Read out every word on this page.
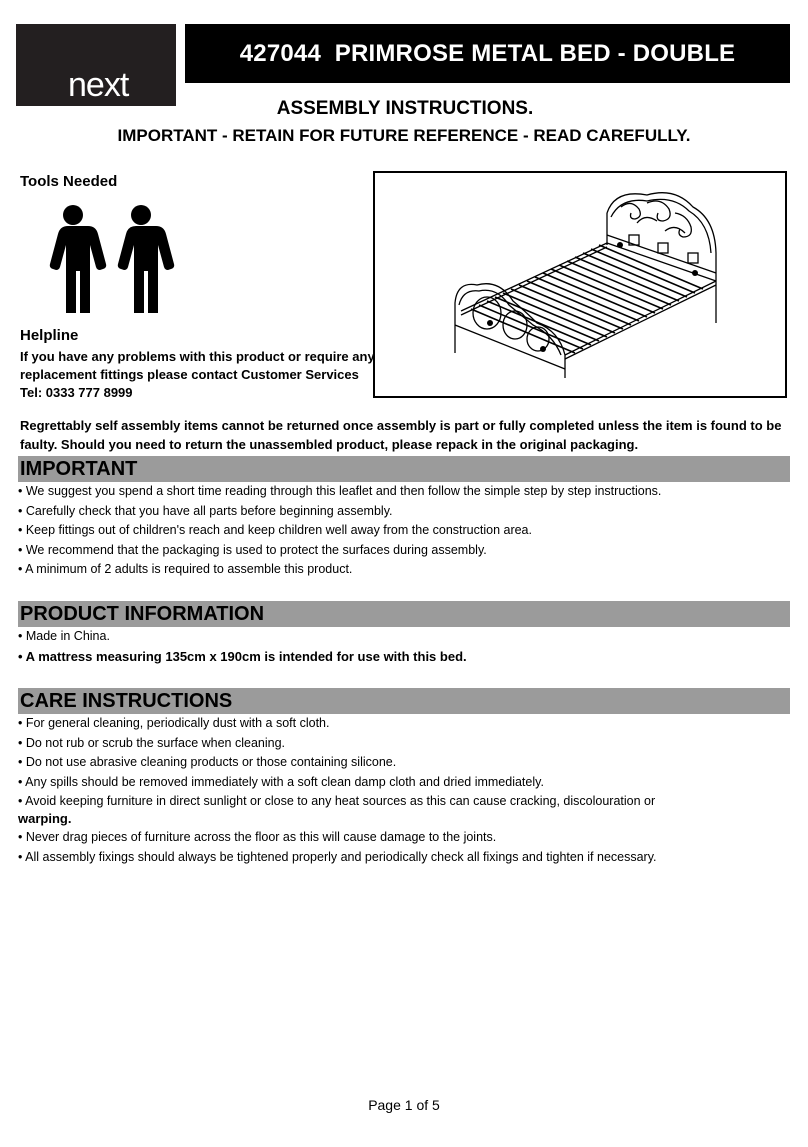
next
427044  PRIMROSE METAL BED - DOUBLE
ASSEMBLY INSTRUCTIONS.
IMPORTANT - RETAIN FOR FUTURE REFERENCE - READ CAREFULLY.
Tools Needed
Helpline
If you have any problems with this product or require any replacement fittings please contact Customer Services Tel: 0333 777 8999
Regrettably self assembly items cannot be returned once assembly is part or fully completed unless the item is found to be faulty. Should you need to return the unassembled product, please repack in the original packaging.
IMPORTANT
• We suggest you spend a short time reading through this leaflet and then follow the simple step by step instructions.
• Carefully check that you have all parts before beginning assembly.
• Keep fittings out of children's reach and keep children well away from the construction area.
• We recommend that the packaging is used to protect the surfaces during assembly.
• A minimum of 2 adults is required to assemble this product.
PRODUCT INFORMATION
• Made in China.
• A mattress measuring 135cm x 190cm is intended for use with this bed.
CARE INSTRUCTIONS
• For general cleaning, periodically dust with a soft cloth.
• Do not rub or scrub the surface when cleaning.
• Do not use abrasive cleaning products or those containing silicone.
• Any spills should be removed immediately with a soft clean damp cloth and dried immediately.
• Avoid keeping furniture in direct sunlight or close to any heat sources as this can cause cracking, discolouration or
warping.
• Never drag pieces of furniture across the floor as this will cause damage to the joints.
• All assembly fixings should always be tightened properly and periodically check all fixings and tighten if necessary.
Page 1 of 5
